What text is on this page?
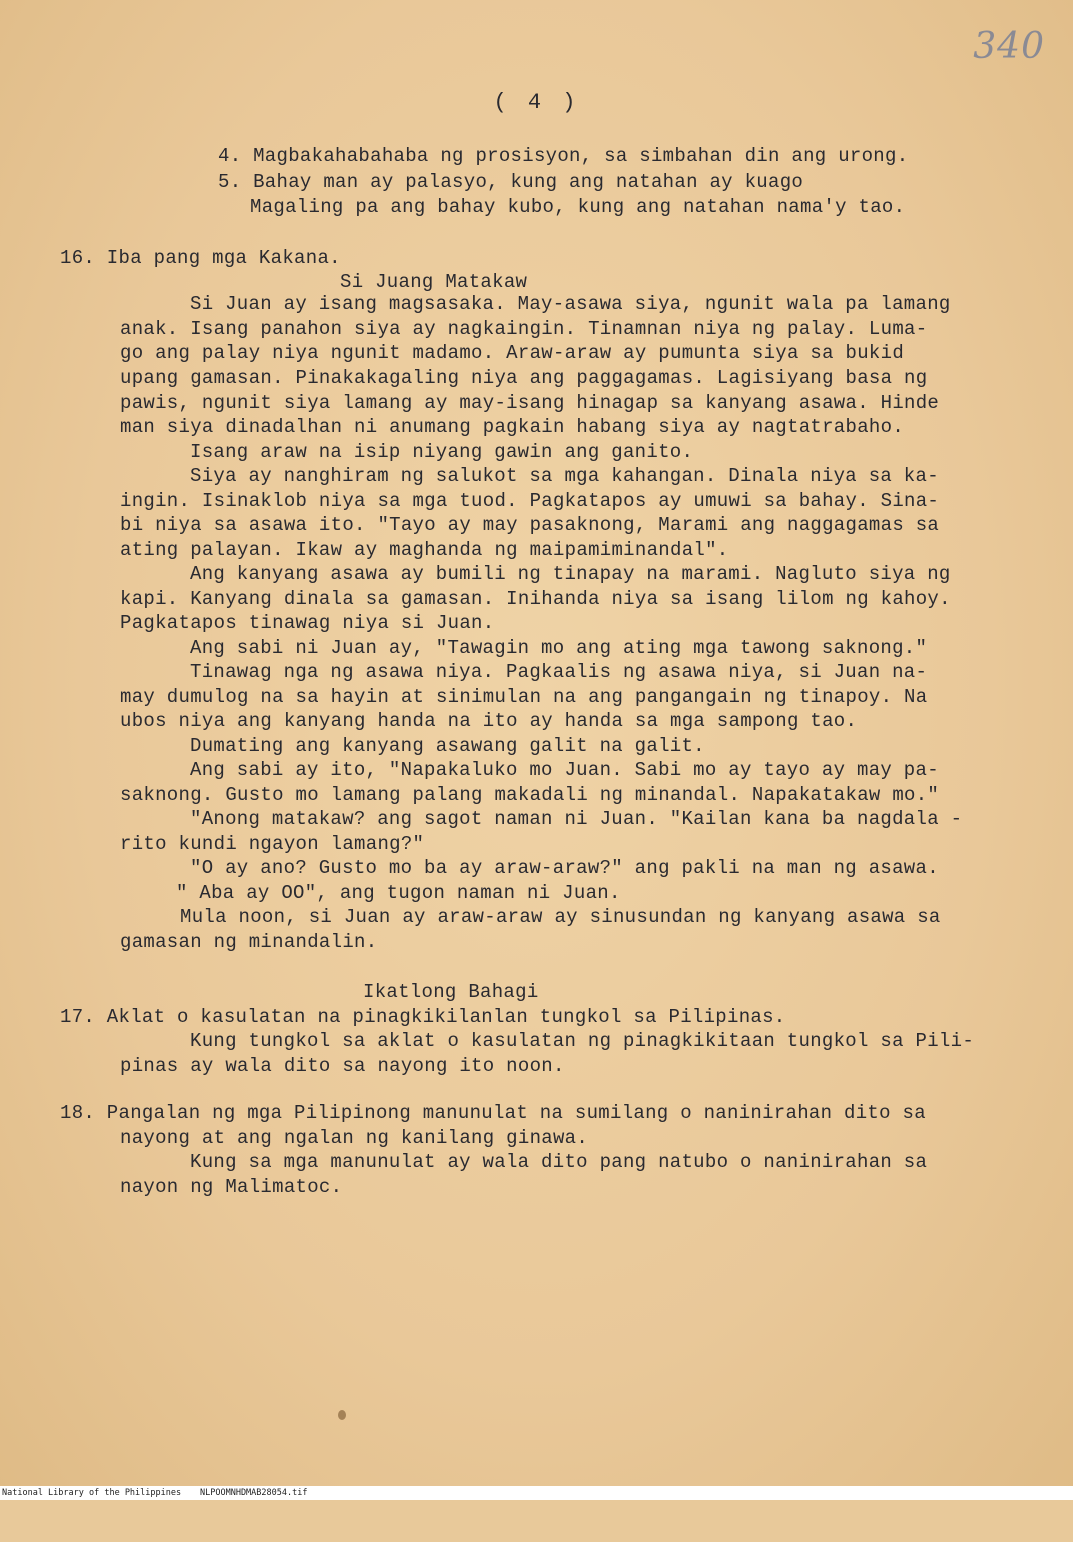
340
( 4 )
4. Magbakahabahaba ng prosisyon, sa simbahan din ang urong.
5. Bahay man ay palasyo, kung ang natahan ay kuago
Magaling pa ang bahay kubo, kung ang natahan nama'y tao.
16. Iba pang mga Kakana.
Si Juang Matakaw
Si Juan ay isang magsasaka. May-asawa siya, ngunit wala pa lamang
anak. Isang panahon siya ay nagkaingin. Tinamnan niya ng palay. Luma-
go ang palay niya ngunit madamo. Araw-araw ay pumunta siya sa bukid
upang gamasan. Pinakakagaling niya ang paggagamas. Lagisiyang basa ng
pawis, ngunit siya lamang ay may-isang hinagap sa kanyang asawa. Hinde
man siya dinadalhan ni anumang pagkain habang siya ay nagtatrabaho.
Isang araw na isip niyang gawin ang ganito.
Siya ay nanghiram ng salukot sa mga kahangan. Dinala niya sa ka-
ingin. Isinaklob niya sa mga tuod. Pagkatapos ay umuwi sa bahay. Sina-
bi niya sa asawa ito. "Tayo ay may pasaknong, Marami ang naggagamas sa
ating palayan. Ikaw ay maghanda ng maipamiminandal".
Ang kanyang asawa ay bumili ng tinapay na marami. Nagluto siya ng
kapi. Kanyang dinala sa gamasan. Inihanda niya sa isang lilom ng kahoy.
Pagkatapos tinawag niya si Juan.
Ang sabi ni Juan ay, "Tawagin mo ang ating mga tawong saknong."
Tinawag nga ng asawa niya. Pagkaalis ng asawa niya, si Juan na-
may dumulog na sa hayin at sinimulan na ang pangangain ng tinapoy. Na
ubos niya ang kanyang handa na ito ay handa sa mga sampong tao.
Dumating ang kanyang asawang galit na galit.
Ang sabi ay ito, "Napakaluko mo Juan. Sabi mo ay tayo ay may pa-
saknong. Gusto mo lamang palang makadali ng minandal. Napakatakaw mo."
"Anong matakaw? ang sagot naman ni Juan. "Kailan kana ba nagdala -
rito kundi ngayon lamang?"
"O ay ano? Gusto mo ba ay araw-araw?" ang pakli na man ng asawa.
" Aba ay OO", ang tugon naman ni Juan.
Mula noon, si Juan ay araw-araw ay sinusundan ng kanyang asawa sa
gamasan ng minandalin.
Ikatlong Bahagi
17. Aklat o kasulatan na pinagkikilanlan tungkol sa Pilipinas.
Kung tungkol sa aklat o kasulatan ng pinagkikitaan tungkol sa Pili-
pinas ay wala dito sa nayong ito noon.
18. Pangalan ng mga Pilipinong manunulat na sumilang o naninirahan dito sa
nayong at ang ngalan ng kanilang ginawa.
Kung sa mga manunulat ay wala dito pang natubo o naninirahan sa
nayon ng Malimatoc.

National Library of the Philippines

NLPOOMNHDMAB28054.tif
